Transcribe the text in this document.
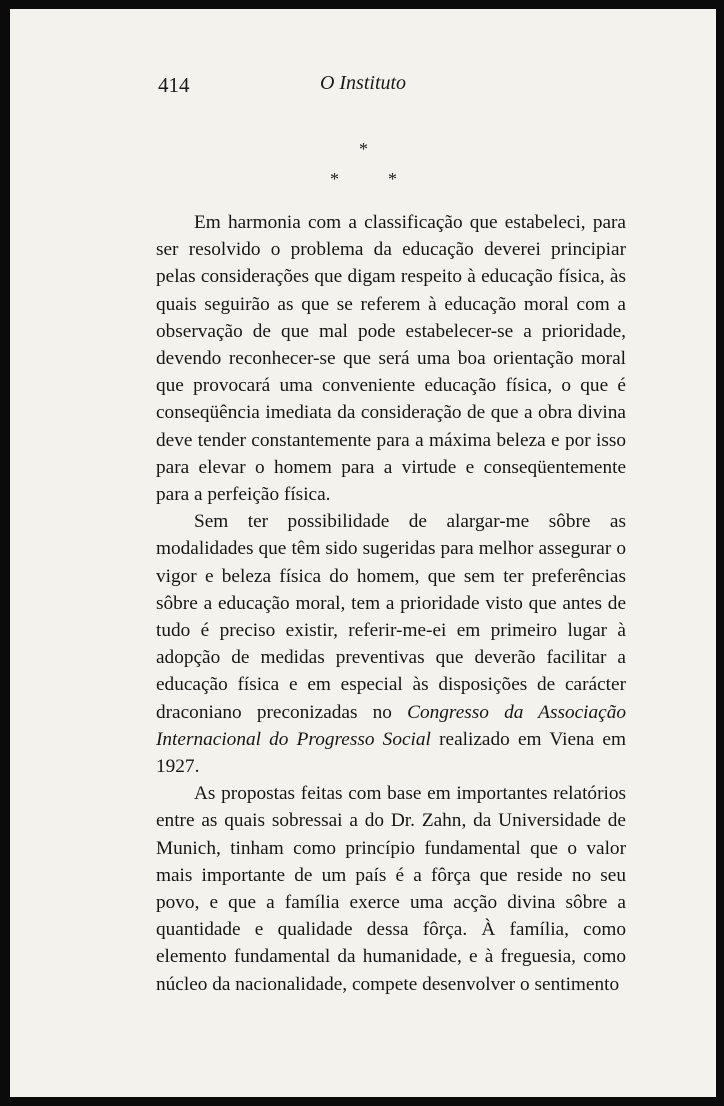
414	O Instituto
*
*	*

Em harmonia com a classificação que estabeleci, para ser resolvido o problema da educação deverei principiar pelas considerações que digam respeito à educação física, às quais seguirão as que se referem à educação moral com a observação de que mal pode estabelecer-se a prioridade, devendo reconhecer-se que será uma boa orientação moral que provocará uma conveniente educação física, o que é conseqüência imediata da consideração de que a obra divina deve tender constantemente para a máxima beleza e por isso para elevar o homem para a virtude e conseqüentemente para a perfeição física.

Sem ter possibilidade de alargar-me sôbre as modalidades que têm sido sugeridas para melhor assegurar o vigor e beleza física do homem, que sem ter preferências sôbre a educação moral, tem a prioridade visto que antes de tudo é preciso existir, referir-me-ei em primeiro lugar à adopção de medidas preventivas que deverão facilitar a educação física e em especial às disposições de carácter draconiano preconizadas no Congresso da Associação Internacional do Progresso Social realizado em Viena em 1927.

As propostas feitas com base em importantes relatórios entre as quais sobressai a do Dr. Zahn, da Universidade de Munich, tinham como princípio fundamental que o valor mais importante de um país é a fôrça que reside no seu povo, e que a família exerce uma acção divina sôbre a quantidade e qualidade dessa fôrça. À família, como elemento fundamental da humanidade, e à freguesia, como núcleo da nacionalidade, compete desenvolver o sentimento
